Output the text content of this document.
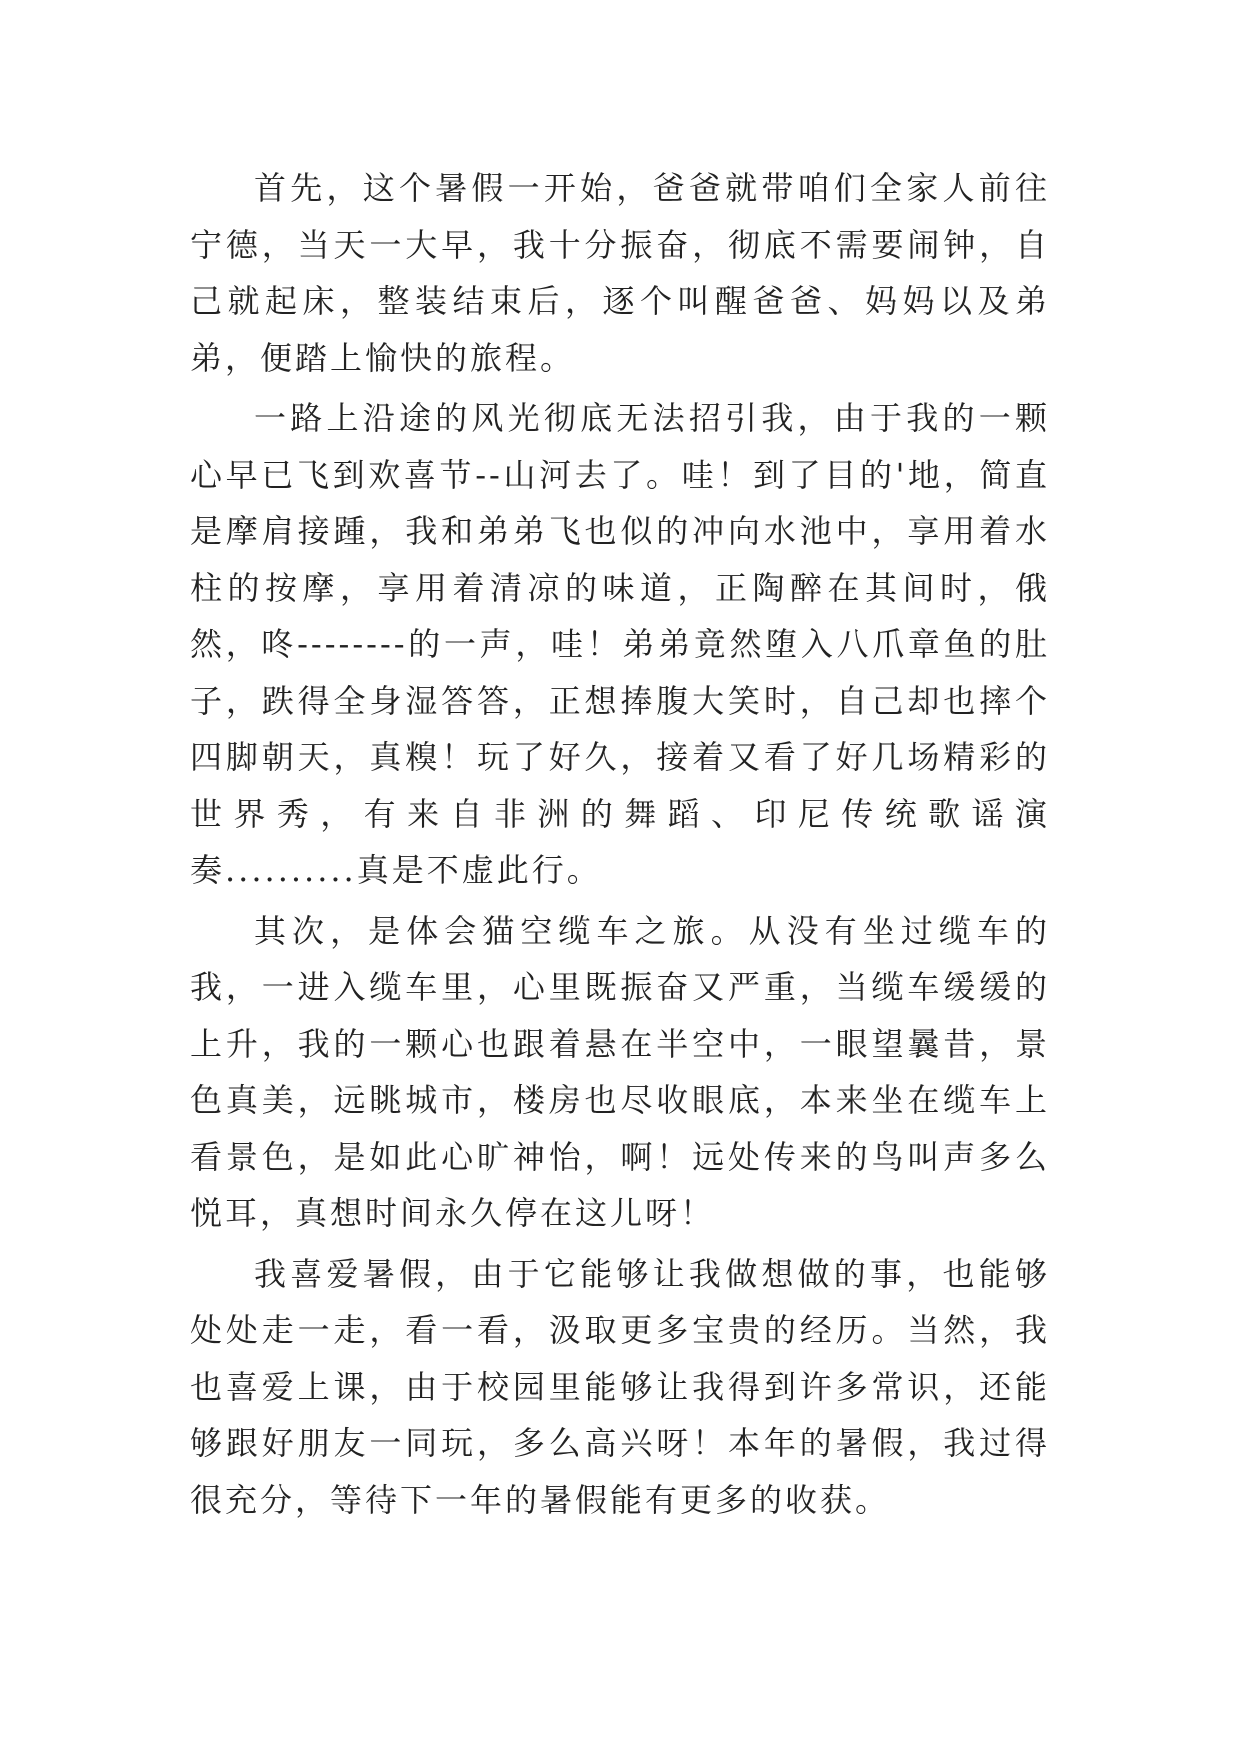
首先，这个暑假一开始，爸爸就带咱们全家人前往宁德，当天一大早，我十分振奋，彻底不需要闹钟，自己就起床，整装结束后，逐个叫醒爸爸、妈妈以及弟弟，便踏上愉快的旅程。

一路上沿途的风光彻底无法招引我，由于我的一颗心早已飞到欢喜节--山河去了。哇！到了目的'地，简直是摩肩接踵，我和弟弟飞也似的冲向水池中，享用着水柱的按摩，享用着清凉的味道，正陶醉在其间时，俄然，咚--------的一声，哇！弟弟竟然堕入八爪章鱼的肚子，跌得全身湿答答，正想捧腹大笑时，自己却也摔个四脚朝天，真糗！玩了好久，接着又看了好几场精彩的世界秀，有来自非洲的舞蹈、印尼传统歌谣演奏..........真是不虚此行。

其次，是体会猫空缆车之旅。从没有坐过缆车的我，一进入缆车里，心里既振奋又严重，当缆车缓缓的上升，我的一颗心也跟着悬在半空中，一眼望曩昔，景色真美，远眺城市，楼房也尽收眼底，本来坐在缆车上看景色，是如此心旷神怡，啊！远处传来的鸟叫声多么悦耳，真想时间永久停在这儿呀！

我喜爱暑假，由于它能够让我做想做的事，也能够处处走一走，看一看，汲取更多宝贵的经历。当然，我也喜爱上课，由于校园里能够让我得到许多常识，还能够跟好朋友一同玩，多么高兴呀！本年的暑假，我过得很充分，等待下一年的暑假能有更多的收获。
